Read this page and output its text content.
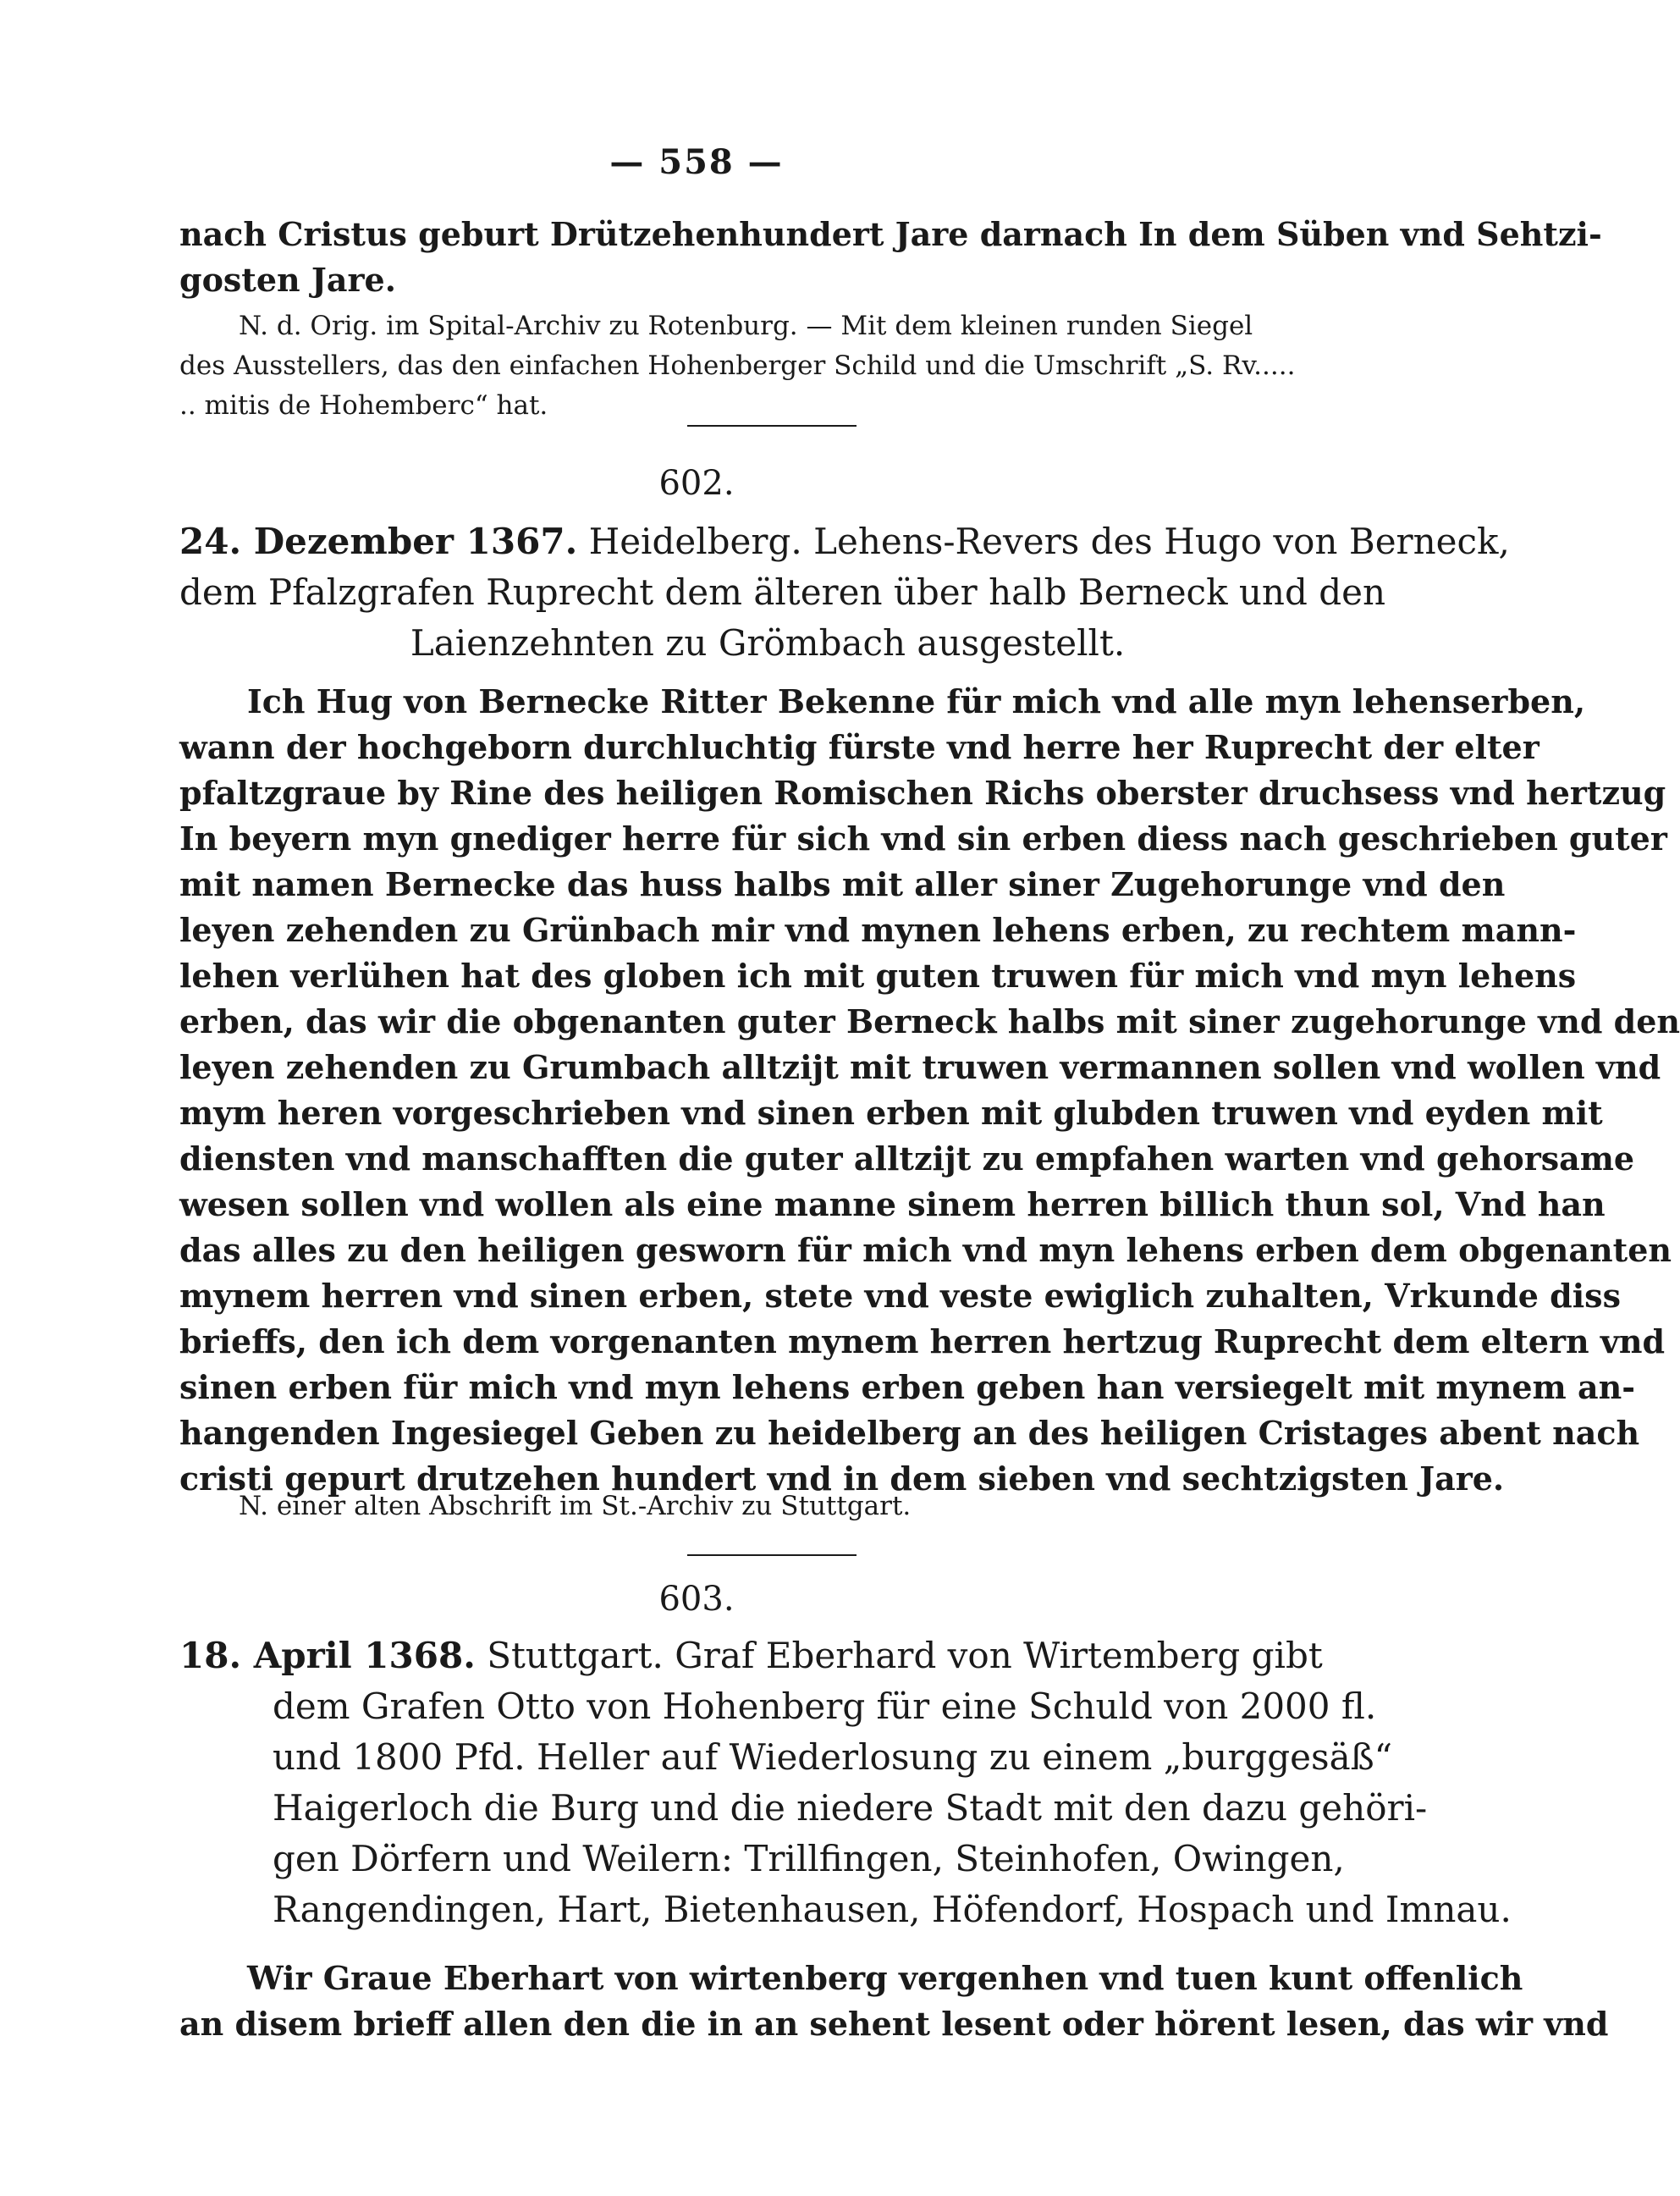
— 558 —
nach Cristus geburt Drützehenhundert Jare darnach In dem Süben vnd Sehtzi-
gosten Jare.
N. d. Orig. im Spital-Archiv zu Rotenburg. — Mit dem kleinen runden Siegel
des Ausstellers, das den einfachen Hohenberger Schild und die Umschrift „S. Rv.....
.. mitis de Hohemberc“ hat.
602.
24. Dezember 1367. Heidelberg. Lehens-Revers des Hugo von Berneck,
dem Pfalzgrafen Ruprecht dem älteren über halb Berneck und den
Laienzehnten zu Grömbach ausgestellt.
Ich Hug von Bernecke Ritter Bekenne für mich vnd alle myn lehenserben,
wann der hochgeborn durchluchtig fürste vnd herre her Ruprecht der elter
pfaltzgraue by Rine des heiligen Romischen Richs oberster druchsess vnd hertzug
In beyern myn gnediger herre für sich vnd sin erben diess nach geschrieben guter
mit namen Bernecke das huss halbs mit aller siner Zugehorunge vnd den
leyen zehenden zu Grünbach mir vnd mynen lehens erben, zu rechtem mann-
lehen verlühen hat des globen ich mit guten truwen für mich vnd myn lehens
erben, das wir die obgenanten guter Berneck halbs mit siner zugehorunge vnd den
leyen zehenden zu Grumbach alltzijt mit truwen vermannen sollen vnd wollen vnd
mym heren vorgeschrieben vnd sinen erben mit glubden truwen vnd eyden mit
diensten vnd manschafften die guter alltzijt zu empfahen warten vnd gehorsame
wesen sollen vnd wollen als eine manne sinem herren billich thun sol, Vnd han
das alles zu den heiligen gesworn für mich vnd myn lehens erben dem obgenanten
mynem herren vnd sinen erben, stete vnd veste ewiglich zuhalten, Vrkunde diss
brieffs, den ich dem vorgenanten mynem herren hertzug Ruprecht dem eltern vnd
sinen erben für mich vnd myn lehens erben geben han versiegelt mit mynem an-
hangenden Ingesiegel Geben zu heidelberg an des heiligen Cristages abent nach
cristi gepurt drutzehen hundert vnd in dem sieben vnd sechtzigsten Jare.
N. einer alten Abschrift im St.-Archiv zu Stuttgart.
603.
18. April 1368. Stuttgart. Graf Eberhard von Wirtemberg gibt
dem Grafen Otto von Hohenberg für eine Schuld von 2000 fl.
und 1800 Pfd. Heller auf Wiederlosung zu einem „burggesäß“
Haigerloch die Burg und die niedere Stadt mit den dazu gehöri-
gen Dörfern und Weilern: Trillfingen, Steinhofen, Owingen,
Rangendingen, Hart, Bietenhausen, Höfendorf, Hospach und Imnau.
Wir Graue Eberhart von wirtenberg vergenhen vnd tuen kunt offenlich
an disem brieff allen den die in an sehent lesent oder hörent lesen, das wir vnd
